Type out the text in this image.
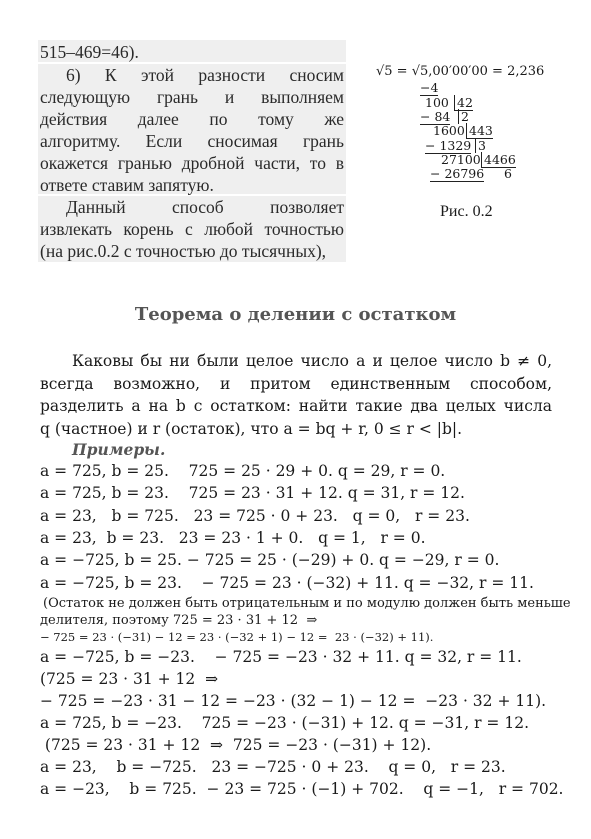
515–469=46).
6) К этой разности сносим
следующую грань и выполняем
действия далее по тому же
алгоритму. Если сносимая грань
окажется гранью дробной части, то в
ответе ставим запятую.
Данный способ позволяет
извлекать корень с любой точностью
(на рис.0.2 с точностью до тысячных),
√5 = √5,00′00′00 = 2,236
−4
100 42
− 84 2
1600 443
− 1329 3
27100 4466
− 26796 6
Рис. 0.2
Теорема о делении с остатком
Каковы бы ни были целое число a и целое число b ≠ 0,
всегда возможно, и притом единственным способом,
разделить a на b с остатком: найти такие два целых числа
q (частное) и r (остаток), что a = bq + r, 0 ≤ r < |b|.
Примеры.
a = 725, b = 25.    725 = 25 · 29 + 0. q = 29, r = 0.
a = 725, b = 23.    725 = 23 · 31 + 12. q = 31, r = 12.
a = 23,   b = 725.   23 = 725 · 0 + 23.   q = 0,   r = 23.
a = 23,  b = 23.   23 = 23 · 1 + 0.   q = 1,   r = 0.
a = −725, b = 25. − 725 = 25 · (−29) + 0. q = −29, r = 0.
a = −725, b = 23.    − 725 = 23 · (−32) + 11. q = −32, r = 11.
(Остаток не должен быть отрицательным и по модулю должен быть меньше
делителя, поэтому 725 = 23 · 31 + 12  ⇒
− 725 = 23 · (−31) − 12 = 23 · (−32 + 1) − 12 =  23 · (−32) + 11).
a = −725, b = −23.    − 725 = −23 · 32 + 11. q = 32, r = 11.
(725 = 23 · 31 + 12  ⇒
− 725 = −23 · 31 − 12 = −23 · (32 − 1) − 12 =  −23 · 32 + 11).
a = 725, b = −23.    725 = −23 · (−31) + 12. q = −31, r = 12.
(725 = 23 · 31 + 12  ⇒  725 = −23 · (−31) + 12).
a = 23,    b = −725.   23 = −725 · 0 + 23.    q = 0,   r = 23.
a = −23,    b = 725.  − 23 = 725 · (−1) + 702.    q = −1,   r = 702.
